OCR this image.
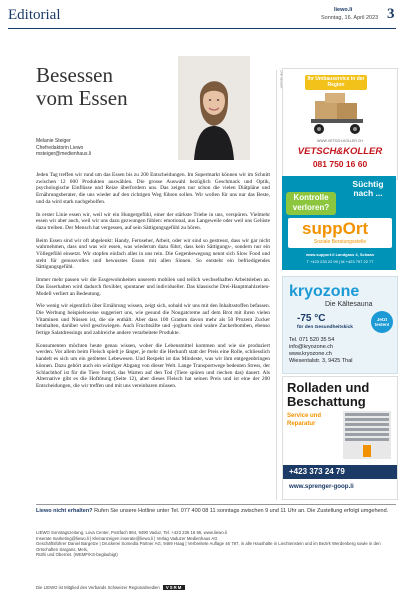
Editorial	liewo.li
Sonntag, 16. April 2023 3
Besessen
vom Essen
Melanie Steiger
Chefredaktorin Liewo
msteiger@medienhaus.li

Jeden Tag treffen wir rund um das Essen bis zu 200 Entscheidungen. Im Supermarkt können wir im Schnitt zwischen 12 000 Produkten auswählen. Die grosse Auswahl bezüglich Geschmack und Optik, psychologische Einflüsse und Reize überfordern uns. Das zeigen nur schon die vielen Diätpläne und Ernährungsberater, die uns wieder auf den richtigen Weg führen sollen. Wir wollen für uns nur das Beste, und da wird stark nachgeholfen.

In erster Linie essen wir, weil wir ein Hungergefühl, einer der stärkste Triebe in uns, verspüren. Vielmehr essen wir aber auch, weil wir uns dazu gezwungen fühlen: emotional, aus Langeweile oder weil uns Gelüste dazu treiben. Der Mensch hat vergessen, auf sein Sättigungsgefühl zu hören.

Beim Essen sind wir oft abgelenkt: Handy, Fernseher, Arbeit, oder wir sind so gestresst, dass wir gar nicht wahrnehmen, dass und was wir essen, was wiederum dazu führt, dass kein Sättigungs-, sondern nur ein Völlegefühl einsetzt. Wir stopfen einfach alles in uns rein. Die Gegenbewegung nennt sich Slow Food und steht für genussvolles und bewusstes Essen mit allen Sinnen. So entsteht ein befriedigendes Sättigungsgefühl.

Immer mehr passen wir die Essgewohnheiten unserem mobilen und teilich wechselhaften Arbeitsleben an. Das Esserhalten wird dadurch flexibler, spontaner und individueller. Das klassische Drei-Hauptmahlzeiten-Modell verliert an Bedeutung.

Wie wenig wir eigentlich über Ernährung wissen, zeigt sich, sobald wir uns mit den Inhaltsstoffen befassen. Die Werbung beispielsweise suggeriert uns, wie gesund die Nougatcreme auf dem Brot mit ihren vielen Vitaminen und Nüssen ist, die sie enthält. Aber dass 100 Gramm davon mehr als 50 Prozent Zucker beinhalten, darüber wird geschwiegen. Auch Fruchtsäfte und -joghurts sind wahre Zuckerbomben, ebenso fertige Salatdressings und zahlreiche andere verarbeitete Produkte.

Konsumenten möchten heute genau wissen, woher die Lebensmittel kommen und wie sie produziert werden. Vor allem beim Fleisch spielt je länger, je mehr die Herkunft statt der Preis eine Rolle, schliesslich handelt es sich um ein getötetes Lebewesen. Und Respekt ist das Mindeste, was wir ihm entgegenbringen können. Dazu gehört auch ein würdiger Abgang von dieser Welt. Lange Transportwege bedeuten Stress, der Schlachthof ist für die Tiere fremd, das Warten auf den Tod (Tiere spüren und riechen das) dauert. Als Alternative gibt es die Hoftötung (Seite 12), aber dieses Fleisch hat seinen Preis und ist eine der 200 Entscheidungen, die wir treffen und mit uns vereinbaren müssen.

Ihr Umbauservice in der Region
WWW.VETSCH-KOLLER.CH
VETSCH&KOLLER
081 750 16 60
Süchtig
nach ...
Kontrolle
verloren?
suppOrt
Soziale Beratungsstelle
www.support.li Landgass 4, Schaan
T +423 233 22 99 | M +423 797 22 77
kryozone
Die Kältesauna
-75 °C
für den Gesundheitskick
Jetzt testen!
Tel. 071 520 35 54
info@kryozone.ch
www.kryozone.ch
Wiesentalstr. 3, 9425 Thal
Rolladen und
Beschattung
Service und
Reparatur
+423 373 24 79
www.sprenger-goop.li
Liewo nicht erhalten? Rufen Sie unsere Hotline unter Tel. 077 400 08 11 sonntags zwischen 9 und 11 Uhr an. Die Zustellung erfolgt umgehend.
LIEWO Sonntagszeitung, Lova Center, Postfach 884, 9490 Vaduz, Tel. +423 236 16 96, www.liewo.li
Inserate marketing@liewo.li | Kleinanzeigen inserate@liewo.li | Verlag Vaduzer Medienhaus AG
Geschäftsführer Daniel Bargetze | Druckerei Somedia Partner AG, 9469 Haag | Verbreitete Auflage 46 797, in alle Haushalte in Liechtenstein und im Bezirk Werdenberg sowie in den Ortschaften Sargans, Mels,
Rüthi und Oberriet. (WEMF/KS-beglaubigt)
Die LIEWO ist Mitglied des Verbands Schweizer Regionalmedien VSRM
